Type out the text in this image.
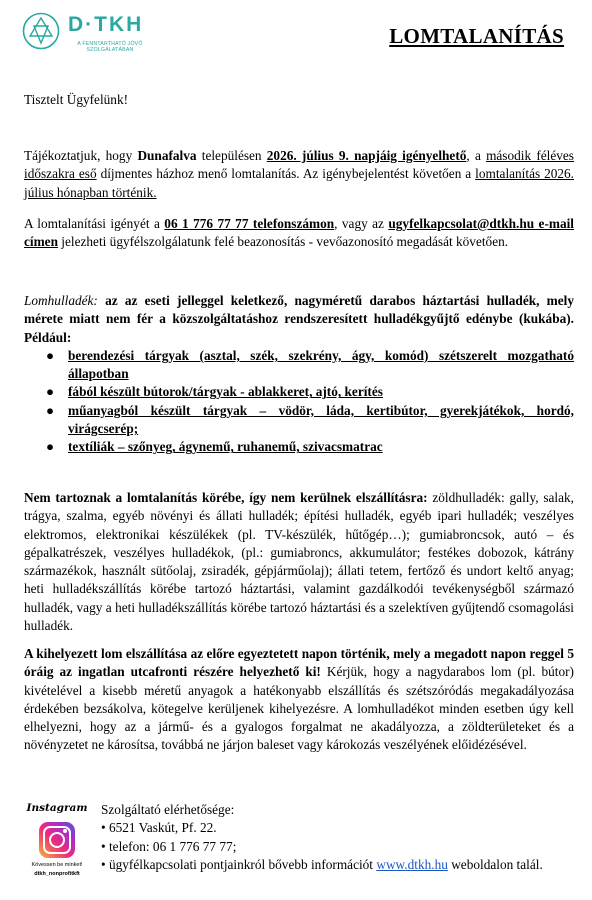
D·TKH
A FENNTARTHATÓ JÖVŐ
SZOLGÁLATÁBAN
LOMTALANÍTÁS
Tisztelt Ügyfelünk!

Tájékoztatjuk, hogy Dunafalva településen 2026. július 9. napjáig igényelhető, a második féléves időszakra eső díjmentes házhoz menő lomtalanítás. Az igénybejelentést követően a lomtalanítás 2026. július hónapban történik.

A lomtalanítási igényét a 06 1 776 77 77 telefonszámon, vagy az ugyfelkapcsolat@dtkh.hu e-mail címen jelezheti ügyfélszolgálatunk felé beazonosítás - vevőazonosító megadását követően.

Lomhulladék: az az eseti jelleggel keletkező, nagyméretű darabos háztartási hulladék, mely mérete miatt nem fér a közszolgáltatáshoz rendszeresített hulladékgyűjtő edénybe (kukába). Például:

● berendezési tárgyak (asztal, szék, szekrény, ágy, komód) szétszerelt mozgatható állapotban
● fából készült bútorok/tárgyak - ablakkeret, ajtó, kerítés
● műanyagból készült tárgyak – vödör, láda, kertibútor, gyerekjátékok, hordó, virágcserép;
● textíliák – szőnyeg, ágynemű, ruhanemű, szivacsmatrac

Nem tartoznak a lomtalanítás körébe, így nem kerülnek elszállításra: zöldhulladék: gally, salak, trágya, szalma, egyéb növényi és állati hulladék; építési hulladék, egyéb ipari hulladék; veszélyes elektromos, elektronikai készülékek (pl. TV-készülék, hűtőgép…); gumiabroncsok, autó – és gépalkatrészek, veszélyes hulladékok, (pl.: gumiabroncs, akkumulátor; festékes dobozok, kátrány származékok, használt sütőolaj, zsiradék, gépjárműolaj); állati tetem, fertőző és undort keltő anyag; heti hulladékszállítás körébe tartozó háztartási, valamint gazdálkodói tevékenységből származó hulladék, vagy a heti hulladékszállítás körébe tartozó háztartási és a szelektíven gyűjtendő csomagolási hulladék.

A kihelyezett lom elszállítása az előre egyeztetett napon történik, mely a megadott napon reggel 5 óráig az ingatlan utcafronti részére helyezhető ki! Kérjük, hogy a nagydarabos lom (pl. bútor) kivételével a kisebb méretű anyagok a hatékonyabb elszállítás és szétszóródás megakadályozása érdekében bezsákolva, kötegelve kerüljenek kihelyezésre. A lomhulladékot minden esetben úgy kell elhelyezni, hogy az a jármű- és a gyalogos forgalmat ne akadályozza, a zöldterületeket és a növényzetet ne károsítsa, továbbá ne járjon baleset vagy károkozás veszélyének előidézésével.

Instagram
Kövessen be minket!
dtkh_nonprofitkft
Szolgáltató elérhetősége:
• 6521 Vaskút, Pf. 22.
• telefon: 06 1 776 77 77;
• ügyfélkapcsolati pontjainkról bővebb információt www.dtkh.hu weboldalon talál.
